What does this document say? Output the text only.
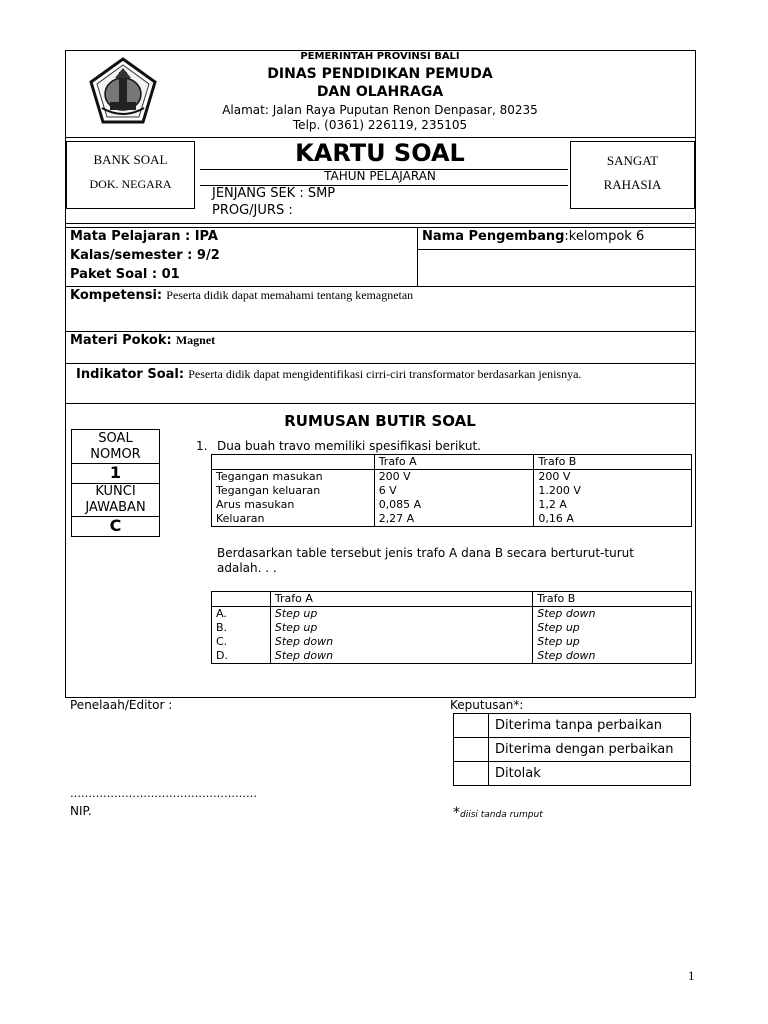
PEMERINTAH PROVINSI BALI
DINAS PENDIDIKAN PEMUDA
DAN OLAHRAGA
Alamat: Jalan Raya Puputan Renon Denpasar, 80235
Telp. (0361) 226119, 235105
BANK SOAL
DOK. NEGARA
KARTU SOAL
TAHUN PELAJARAN
JENJANG SEK : SMP
PROG/JURS :
SANGAT
RAHASIA
Mata Pelajaran : IPA
Kalas/semester : 9/2
Paket Soal : 01
Nama Pengembang:kelompok 6
Kompetensi: Peserta didik dapat memahami tentang kemagnetan
Materi Pokok: Magnet
Indikator Soal: Peserta didik dapat mengidentifikasi cirri-ciri transformator berdasarkan jenisnya.
RUMUSAN BUTIR SOAL
SOAL
NOMOR
1
KUNCI
JAWABAN
C
1. Dua buah travo memiliki spesifikasi berikut.
	Trafo A	Trafo B
Tegangan masukan	200 V	200 V
Tegangan keluaran	6 V	1.200 V
Arus masukan	0,085 A	1,2 A
Keluaran	2,27 A	0,16 A
Berdasarkan table tersebut jenis trafo A dana B secara berturut-turut
adalah. . .
	Trafo A	Trafo B
A.	Step up	Step down
B.	Step up	Step up
C.	Step down	Step up
D.	Step down	Step down
Penelaah/Editor :	Keputusan*:
Diterima tanpa perbaikan
Diterima dengan perbaikan
Ditolak
……………………………………………
NIP.	*diisi tanda rumput
1
